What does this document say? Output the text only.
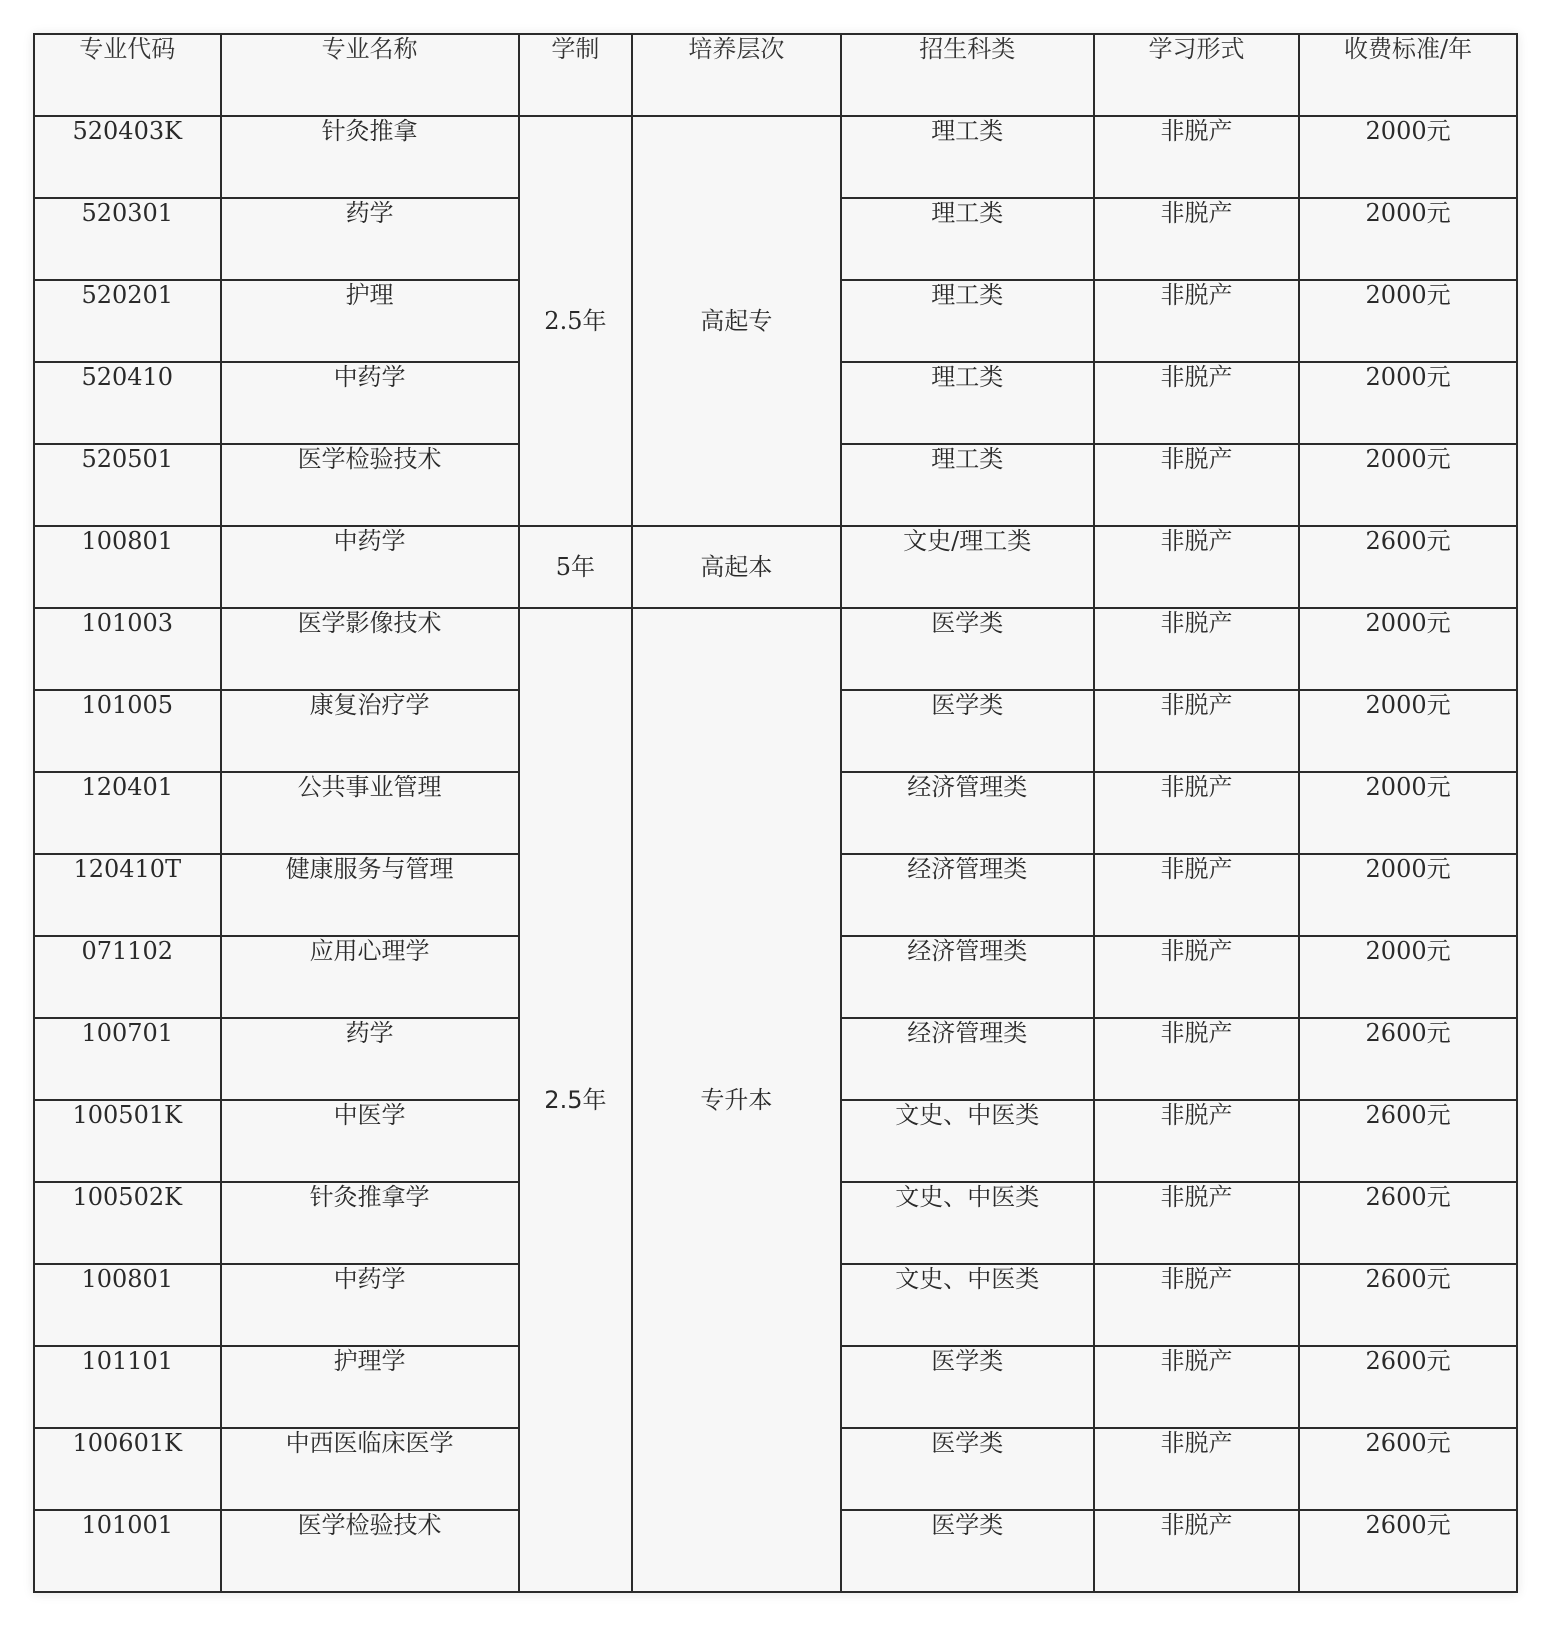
专业代码	专业名称	学制	培养层次	招生科类	学习形式	收费标准/年
520403K	针灸推拿	2.5年	高起专	理工类	非脱产	2000元
520301	药学			理工类	非脱产	2000元
520201	护理			理工类	非脱产	2000元
520410	中药学			理工类	非脱产	2000元
520501	医学检验技术			理工类	非脱产	2000元
100801	中药学	5年	高起本	文史/理工类	非脱产	2600元
101003	医学影像技术	2.5年	专升本	医学类	非脱产	2000元
101005	康复治疗学			医学类	非脱产	2000元
120401	公共事业管理			经济管理类	非脱产	2000元
120410T	健康服务与管理			经济管理类	非脱产	2000元
071102	应用心理学			经济管理类	非脱产	2000元
100701	药学			经济管理类	非脱产	2600元
100501K	中医学			文史、中医类	非脱产	2600元
100502K	针灸推拿学			文史、中医类	非脱产	2600元
100801	中药学			文史、中医类	非脱产	2600元
101101	护理学			医学类	非脱产	2600元
100601K	中西医临床医学			医学类	非脱产	2600元
101001	医学检验技术			医学类	非脱产	2600元
